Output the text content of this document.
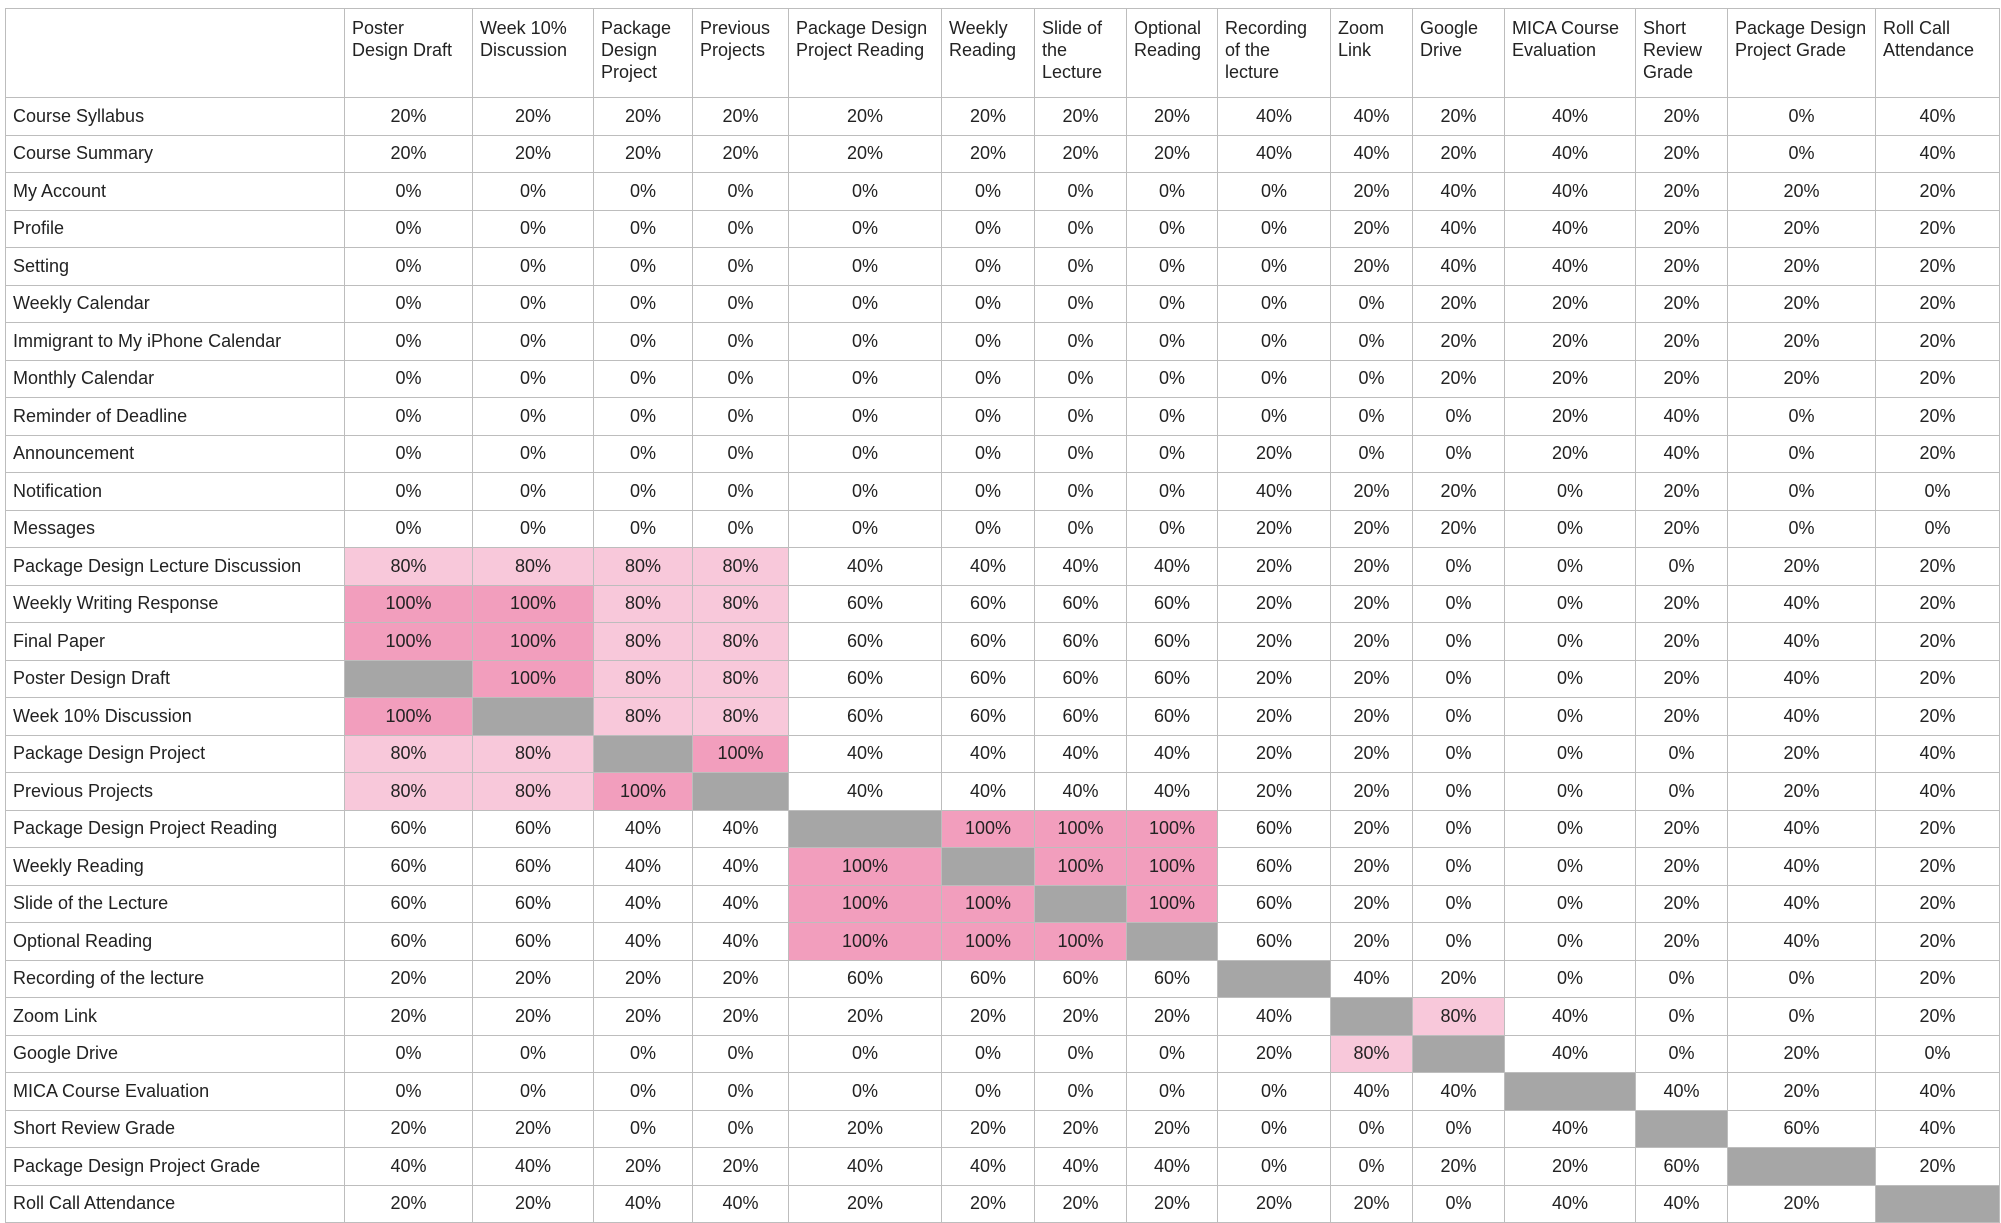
	Poster Design Draft	Week 10% Discussion	Package Design Project	Previous Projects	Package Design Project Reading	Weekly Reading	Slide of the Lecture	Optional Reading	Recording of the lecture	Zoom Link	Google Drive	MICA Course Evaluation	Short Review Grade	Package Design Project Grade	Roll Call Attendance
Course Syllabus	20%	20%	20%	20%	20%	20%	20%	20%	40%	40%	20%	40%	20%	0%	40%
Course Summary	20%	20%	20%	20%	20%	20%	20%	20%	40%	40%	20%	40%	20%	0%	40%
My Account	0%	0%	0%	0%	0%	0%	0%	0%	0%	20%	40%	40%	20%	20%	20%
Profile	0%	0%	0%	0%	0%	0%	0%	0%	0%	20%	40%	40%	20%	20%	20%
Setting	0%	0%	0%	0%	0%	0%	0%	0%	0%	20%	40%	40%	20%	20%	20%
Weekly Calendar	0%	0%	0%	0%	0%	0%	0%	0%	0%	0%	20%	20%	20%	20%	20%
Immigrant to My iPhone Calendar	0%	0%	0%	0%	0%	0%	0%	0%	0%	0%	20%	20%	20%	20%	20%
Monthly Calendar	0%	0%	0%	0%	0%	0%	0%	0%	0%	0%	20%	20%	20%	20%	20%
Reminder of Deadline	0%	0%	0%	0%	0%	0%	0%	0%	0%	0%	0%	20%	40%	0%	20%
Announcement	0%	0%	0%	0%	0%	0%	0%	0%	20%	0%	0%	20%	40%	0%	20%
Notification	0%	0%	0%	0%	0%	0%	0%	0%	40%	20%	20%	0%	20%	0%	0%
Messages	0%	0%	0%	0%	0%	0%	0%	0%	20%	20%	20%	0%	20%	0%	0%
Package Design Lecture Discussion	80%	80%	80%	80%	40%	40%	40%	40%	20%	20%	0%	0%	0%	20%	20%
Weekly Writing Response	100%	100%	80%	80%	60%	60%	60%	60%	20%	20%	0%	0%	20%	40%	20%
Final Paper	100%	100%	80%	80%	60%	60%	60%	60%	20%	20%	0%	0%	20%	40%	20%
Poster Design Draft		100%	80%	80%	60%	60%	60%	60%	20%	20%	0%	0%	20%	40%	20%
Week 10% Discussion	100%		80%	80%	60%	60%	60%	60%	20%	20%	0%	0%	20%	40%	20%
Package Design Project	80%	80%		100%	40%	40%	40%	40%	20%	20%	0%	0%	0%	20%	40%
Previous Projects	80%	80%	100%		40%	40%	40%	40%	20%	20%	0%	0%	0%	20%	40%
Package Design Project Reading	60%	60%	40%	40%		100%	100%	100%	60%	20%	0%	0%	20%	40%	20%
Weekly Reading	60%	60%	40%	40%	100%		100%	100%	60%	20%	0%	0%	20%	40%	20%
Slide of the Lecture	60%	60%	40%	40%	100%	100%		100%	60%	20%	0%	0%	20%	40%	20%
Optional Reading	60%	60%	40%	40%	100%	100%	100%		60%	20%	0%	0%	20%	40%	20%
Recording of the lecture	20%	20%	20%	20%	60%	60%	60%	60%		40%	20%	0%	0%	0%	20%
Zoom Link	20%	20%	20%	20%	20%	20%	20%	20%	40%		80%	40%	0%	0%	20%
Google Drive	0%	0%	0%	0%	0%	0%	0%	0%	20%	80%		40%	0%	20%	0%
MICA Course Evaluation	0%	0%	0%	0%	0%	0%	0%	0%	0%	40%	40%		40%	20%	40%
Short Review Grade	20%	20%	0%	0%	20%	20%	20%	20%	0%	0%	0%	40%		60%	40%
Package Design Project Grade	40%	40%	20%	20%	40%	40%	40%	40%	0%	0%	20%	20%	60%		20%
Roll Call Attendance	20%	20%	40%	40%	20%	20%	20%	20%	20%	20%	0%	40%	40%	20%	
